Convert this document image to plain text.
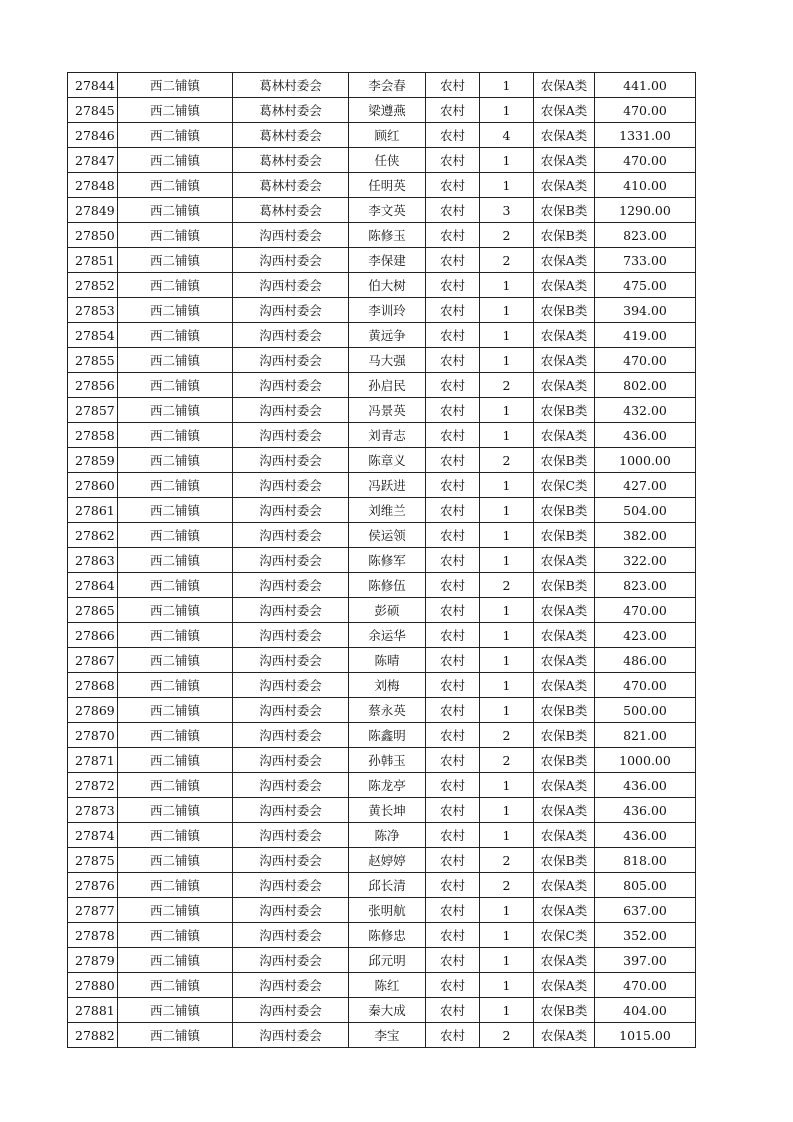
27844	西二铺镇	葛林村委会	李会春	农村	1	农保A类	441.00
27845	西二铺镇	葛林村委会	梁遵燕	农村	1	农保A类	470.00
27846	西二铺镇	葛林村委会	顾红	农村	4	农保A类	1331.00
27847	西二铺镇	葛林村委会	任侠	农村	1	农保A类	470.00
27848	西二铺镇	葛林村委会	任明英	农村	1	农保A类	410.00
27849	西二铺镇	葛林村委会	李文英	农村	3	农保B类	1290.00
27850	西二铺镇	沟西村委会	陈修玉	农村	2	农保B类	823.00
27851	西二铺镇	沟西村委会	李保建	农村	2	农保A类	733.00
27852	西二铺镇	沟西村委会	伯大树	农村	1	农保A类	475.00
27853	西二铺镇	沟西村委会	李训玲	农村	1	农保B类	394.00
27854	西二铺镇	沟西村委会	黄远争	农村	1	农保A类	419.00
27855	西二铺镇	沟西村委会	马大强	农村	1	农保A类	470.00
27856	西二铺镇	沟西村委会	孙启民	农村	2	农保A类	802.00
27857	西二铺镇	沟西村委会	冯景英	农村	1	农保B类	432.00
27858	西二铺镇	沟西村委会	刘青志	农村	1	农保A类	436.00
27859	西二铺镇	沟西村委会	陈章义	农村	2	农保B类	1000.00
27860	西二铺镇	沟西村委会	冯跃进	农村	1	农保C类	427.00
27861	西二铺镇	沟西村委会	刘维兰	农村	1	农保B类	504.00
27862	西二铺镇	沟西村委会	侯运领	农村	1	农保B类	382.00
27863	西二铺镇	沟西村委会	陈修军	农村	1	农保A类	322.00
27864	西二铺镇	沟西村委会	陈修伍	农村	2	农保B类	823.00
27865	西二铺镇	沟西村委会	彭硕	农村	1	农保A类	470.00
27866	西二铺镇	沟西村委会	余运华	农村	1	农保A类	423.00
27867	西二铺镇	沟西村委会	陈晴	农村	1	农保A类	486.00
27868	西二铺镇	沟西村委会	刘梅	农村	1	农保A类	470.00
27869	西二铺镇	沟西村委会	蔡永英	农村	1	农保B类	500.00
27870	西二铺镇	沟西村委会	陈鑫明	农村	2	农保B类	821.00
27871	西二铺镇	沟西村委会	孙韩玉	农村	2	农保B类	1000.00
27872	西二铺镇	沟西村委会	陈龙亭	农村	1	农保A类	436.00
27873	西二铺镇	沟西村委会	黄长坤	农村	1	农保A类	436.00
27874	西二铺镇	沟西村委会	陈净	农村	1	农保A类	436.00
27875	西二铺镇	沟西村委会	赵婷婷	农村	2	农保B类	818.00
27876	西二铺镇	沟西村委会	邱长清	农村	2	农保A类	805.00
27877	西二铺镇	沟西村委会	张明航	农村	1	农保A类	637.00
27878	西二铺镇	沟西村委会	陈修忠	农村	1	农保C类	352.00
27879	西二铺镇	沟西村委会	邱元明	农村	1	农保A类	397.00
27880	西二铺镇	沟西村委会	陈红	农村	1	农保A类	470.00
27881	西二铺镇	沟西村委会	秦大成	农村	1	农保B类	404.00
27882	西二铺镇	沟西村委会	李宝	农村	2	农保A类	1015.00
